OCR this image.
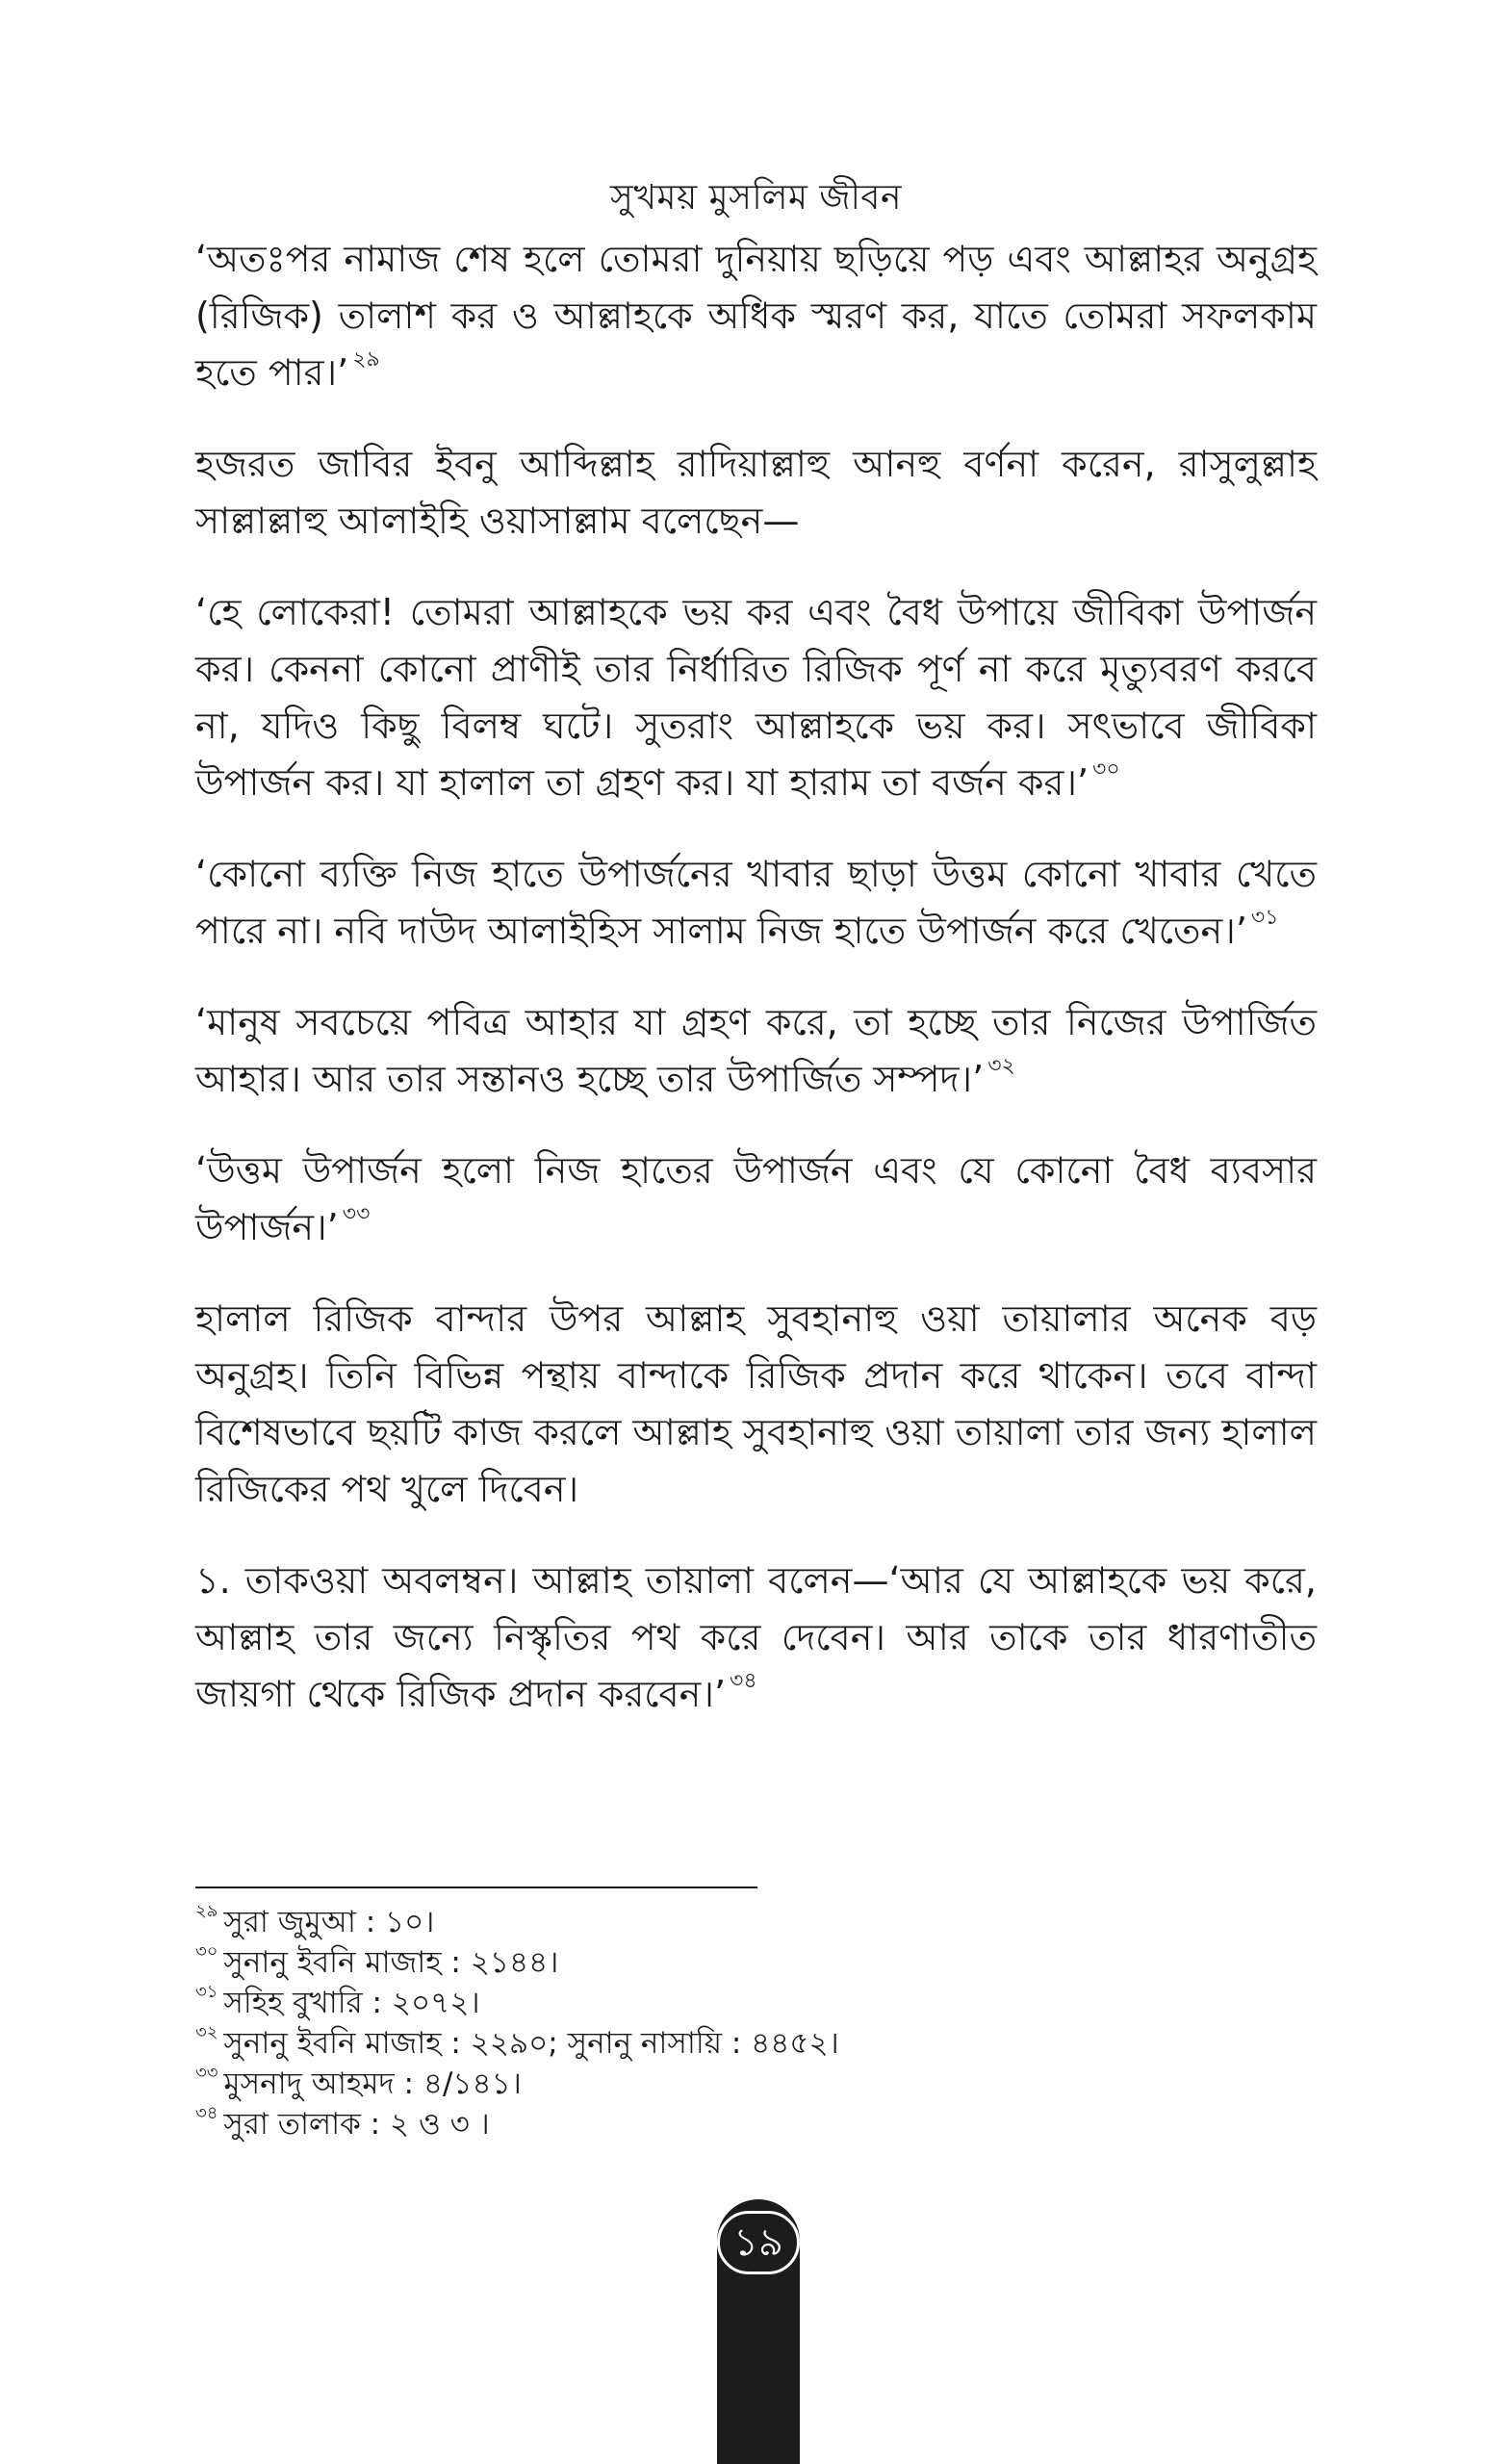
সুখময় মুসলিম জীবন

‘অতঃপর নামাজ শেষ হলে তোমরা দুনিয়ায় ছড়িয়ে পড় এবং আল্লাহর অনুগ্রহ (রিজিক) তালাশ কর ও আল্লাহকে অধিক স্মরণ কর, যাতে তোমরা সফলকাম হতে পার।’ $^{২৯}$

হজরত জাবির ইবনু আব্দিল্লাহ রাদিয়াল্লাহু আনহু বর্ণনা করেন, রাসুলুল্লাহ সাল্লাল্লাহু আলাইহি ওয়াসাল্লাম বলেছেন—

‘হে লোকেরা! তোমরা আল্লাহকে ভয় কর এবং বৈধ উপায়ে জীবিকা উপার্জন কর। কেননা কোনো প্রাণীই তার নির্ধারিত রিজিক পূর্ণ না করে মৃত্যুবরণ করবে না, যদিও কিছু বিলম্ব ঘটে। সুতরাং আল্লাহকে ভয় কর। সৎভাবে জীবিকা উপার্জন কর। যা হালাল তা গ্রহণ কর। যা হারাম তা বর্জন কর।’ $^{৩০}$

‘কোনো ব্যক্তি নিজ হাতে উপার্জনের খাবার ছাড়া উত্তম কোনো খাবার খেতে পারে না। নবি দাউদ আলাইহিস সালাম নিজ হাতে উপার্জন করে খেতেন।’ $^{৩১}$

‘মানুষ সবচেয়ে পবিত্র আহার যা গ্রহণ করে, তা হচ্ছে তার নিজের উপার্জিত আহার। আর তার সন্তানও হচ্ছে তার উপার্জিত সম্পদ।’ $^{৩২}$

‘উত্তম উপার্জন হলো নিজ হাতের উপার্জন এবং যে কোনো বৈধ ব্যবসার উপার্জন।’ $^{৩৩}$

হালাল রিজিক বান্দার উপর আল্লাহ সুবহানাহু ওয়া তায়ালার অনেক বড় অনুগ্রহ। তিনি বিভিন্ন পন্থায় বান্দাকে রিজিক প্রদান করে থাকেন। তবে বান্দা বিশেষভাবে ছয়টি কাজ করলে আল্লাহ সুবহানাহু ওয়া তায়ালা তার জন্য হালাল রিজিকের পথ খুলে দিবেন।

১. তাকওয়া অবলম্বন। আল্লাহ তায়ালা বলেন—‘আর যে আল্লাহকে ভয় করে, আল্লাহ তার জন্যে নিস্কৃতির পথ করে দেবেন। আর তাকে তার ধারণাতীত জায়গা থেকে রিজিক প্রদান করবেন।’ $^{৩৪}$

$^{২৯}$ সুরা জুমুআ : ১০।
$^{৩০}$ সুনানু ইবনি মাজাহ : ২১৪৪।
$^{৩১}$ সহিহ বুখারি : ২০৭২।
$^{৩২}$ সুনানু ইবনি মাজাহ : ২২৯০; সুনানু নাসায়ি : ৪৪৫২।
$^{৩৩}$ মুসনাদু আহমদ : ৪/১৪১।
$^{৩৪}$ সুরা তালাক : ২ ও ৩ ।
১৯
